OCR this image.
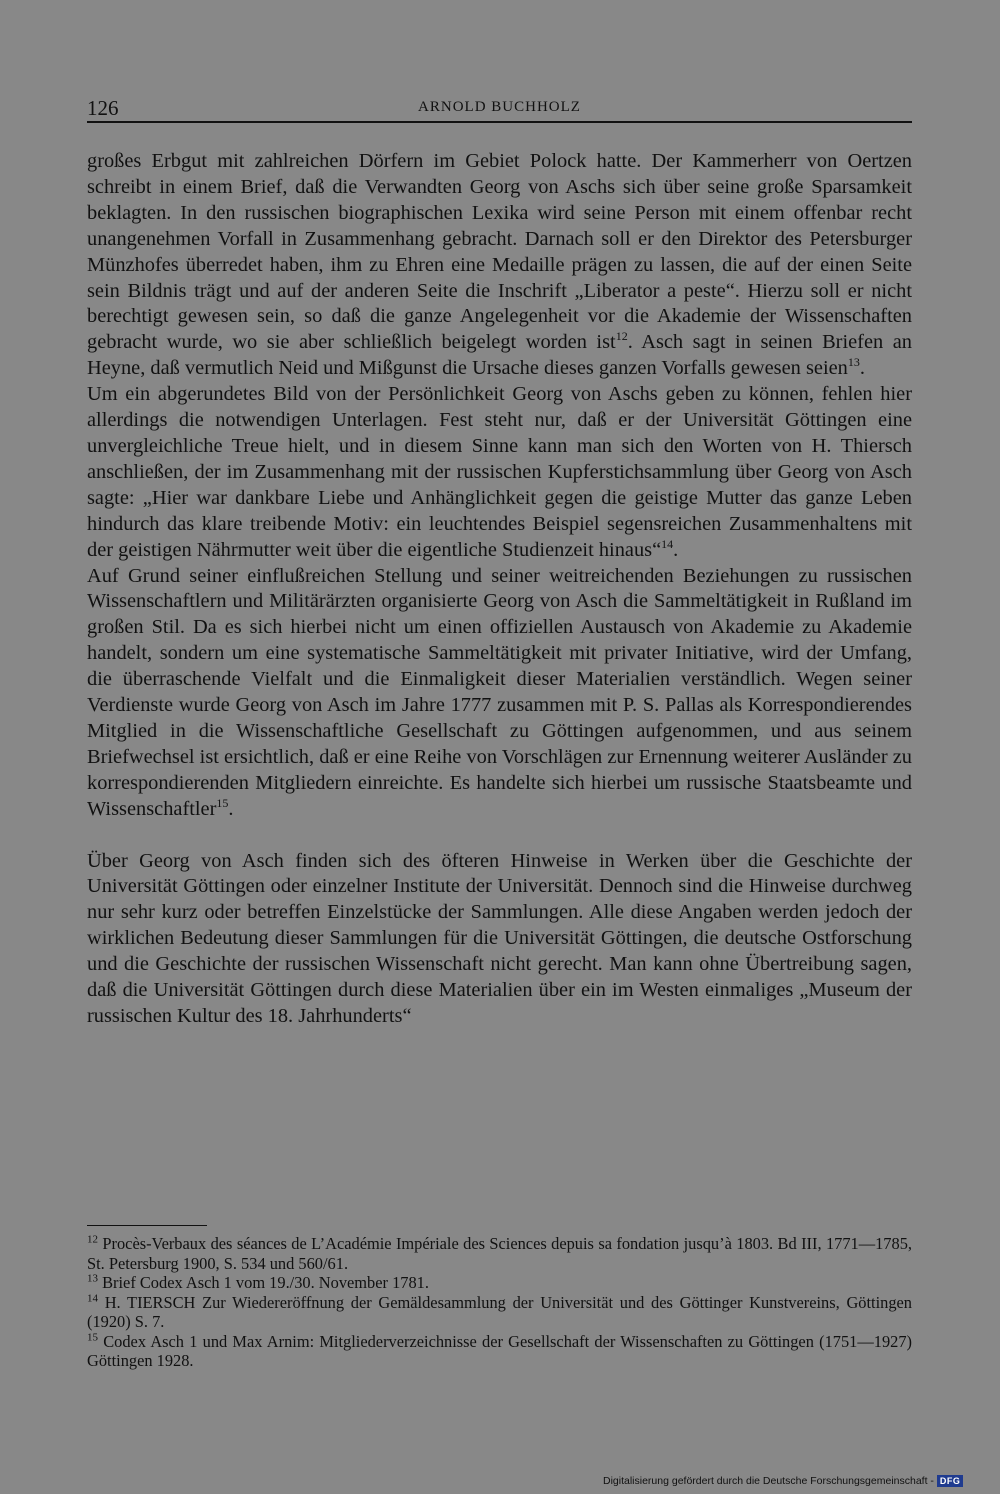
126	ARNOLD BUCHHOLZ

großes Erbgut mit zahlreichen Dörfern im Gebiet Polock hatte. Der Kammerherr von Oertzen schreibt in einem Brief, daß die Verwandten Georg von Aschs sich über seine große Sparsamkeit beklagten. In den russischen biographischen Lexika wird seine Person mit einem offenbar recht unangenehmen Vorfall in Zusammenhang gebracht. Darnach soll er den Direktor des Petersburger Münzhofes überredet haben, ihm zu Ehren eine Medaille prägen zu lassen, die auf der einen Seite sein Bildnis trägt und auf der anderen Seite die Inschrift „Liberator a peste“. Hierzu soll er nicht berechtigt gewesen sein, so daß die ganze Angelegenheit vor die Akademie der Wissenschaften gebracht wurde, wo sie aber schließlich beigelegt worden ist$^{12}$. Asch sagt in seinen Briefen an Heyne, daß vermutlich Neid und Mißgunst die Ursache dieses ganzen Vorfalls gewesen seien$^{13}$.

Um ein abgerundetes Bild von der Persönlichkeit Georg von Aschs geben zu können, fehlen hier allerdings die notwendigen Unterlagen. Fest steht nur, daß er der Universität Göttingen eine unvergleichliche Treue hielt, und in diesem Sinne kann man sich den Worten von H. Thiersch anschließen, der im Zusammenhang mit der russischen Kupferstichsammlung über Georg von Asch sagte: „Hier war dankbare Liebe und Anhänglichkeit gegen die geistige Mutter das ganze Leben hindurch das klare treibende Motiv: ein leuchtendes Beispiel segensreichen Zusammenhaltens mit der geistigen Nährmutter weit über die eigentliche Studienzeit hinaus“$^{14}$.

Auf Grund seiner einflußreichen Stellung und seiner weitreichenden Beziehungen zu russischen Wissenschaftlern und Militärärzten organisierte Georg von Asch die Sammeltätigkeit in Rußland im großen Stil. Da es sich hierbei nicht um einen offiziellen Austausch von Akademie zu Akademie handelt, sondern um eine systematische Sammeltätigkeit mit privater Initiative, wird der Umfang, die überraschende Vielfalt und die Einmaligkeit dieser Materialien verständlich. Wegen seiner Verdienste wurde Georg von Asch im Jahre 1777 zusammen mit P. S. Pallas als Korrespondierendes Mitglied in die Wissenschaftliche Gesellschaft zu Göttingen aufgenommen, und aus seinem Briefwechsel ist ersichtlich, daß er eine Reihe von Vorschlägen zur Ernennung weiterer Ausländer zu korrespondierenden Mitgliedern einreichte. Es handelte sich hierbei um russische Staatsbeamte und Wissenschaftler$^{15}$.

Über Georg von Asch finden sich des öfteren Hinweise in Werken über die Geschichte der Universität Göttingen oder einzelner Institute der Universität. Dennoch sind die Hinweise durchweg nur sehr kurz oder betreffen Einzelstücke der Sammlungen. Alle diese Angaben werden jedoch der wirklichen Bedeutung dieser Sammlungen für die Universität Göttingen, die deutsche Ostforschung und die Geschichte der russischen Wissenschaft nicht gerecht. Man kann ohne Übertreibung sagen, daß die Universität Göttingen durch diese Materialien über ein im Westen einmaliges „Museum der russischen Kultur des 18. Jahrhunderts“

$^{12}$ Procès-Verbaux des séances de L’Académie Impériale des Sciences depuis sa fondation jusqu’à 1803. Bd III, 1771—1785, St. Petersburg 1900, S. 534 und 560/61.

$^{13}$ Brief Codex Asch 1 vom 19./30. November 1781.

$^{14}$ H. TIERSCH Zur Wiedereröffnung der Gemäldesammlung der Universität und des Göttinger Kunstvereins, Göttingen (1920) S. 7.

$^{15}$ Codex Asch 1 und Max Arnim: Mitgliederverzeichnisse der Gesellschaft der Wissenschaften zu Göttingen (1751—1927) Göttingen 1928.

Digitalisierung gefördert durch die Deutsche Forschungsgemeinschaft - DFG
